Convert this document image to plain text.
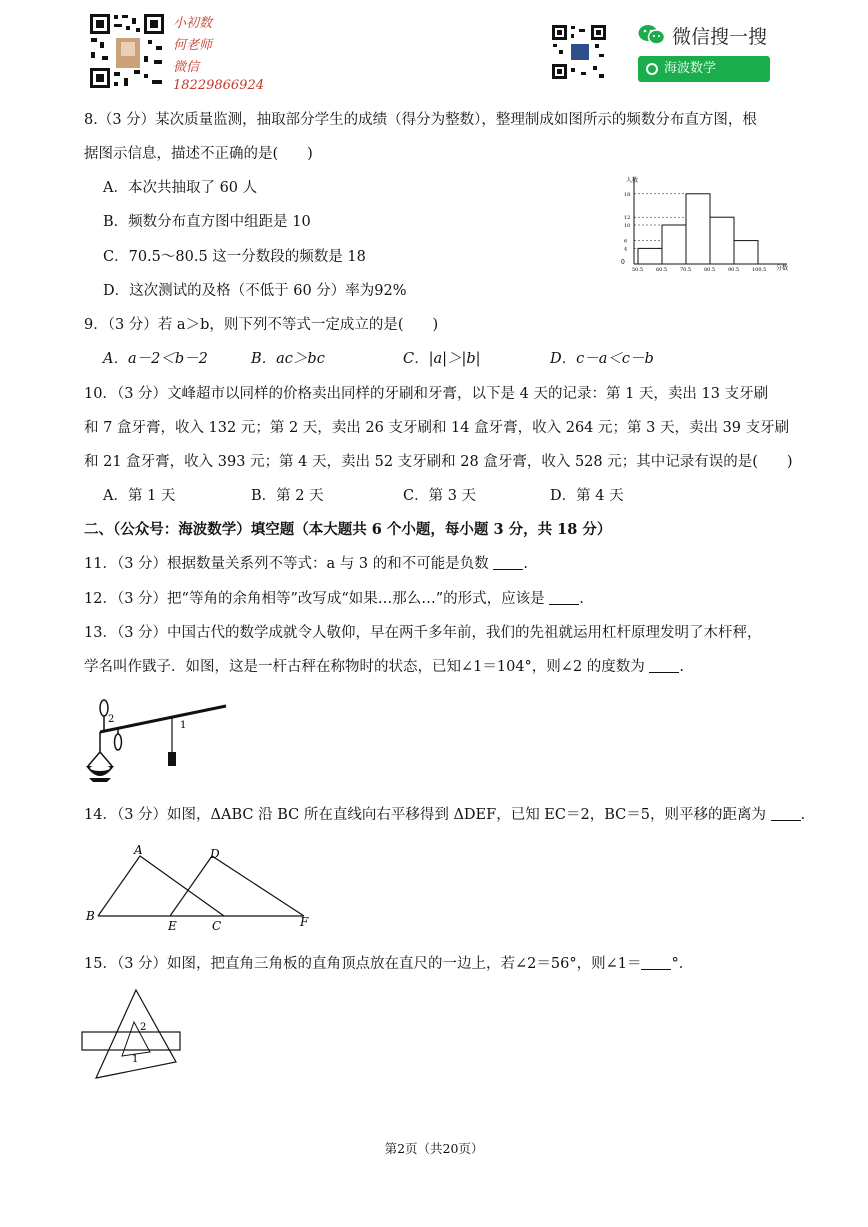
小初数
何老师
微信
18229866924
微信搜一搜
海波数学
8.（3 分）某次质量监测，抽取部分学生的成绩（得分为整数），整理制成如图所示的频数分布直方图，根
据图示信息，描述不正确的是(　　)
A．本次共抽取了 60 人
B．频数分布直方图中组距是 10
C．70.5～80.5 这一分数段的频数是 18
D．这次测试的及格（不低于 60 分）率为92%
人数
分数
0
50.5	60.5	70.5	80.5	90.5	100.5
4
6
10
12
18
9．（3 分）若 a＞b，则下列不等式一定成立的是(　　)
A．a－2＜b－2	B．ac＞bc	C．|a|＞|b|	D．c－a＜c－b
10．（3 分）文峰超市以同样的价格卖出同样的牙刷和牙膏，以下是 4 天的记录：第 1 天，卖出 13 支牙刷
和 7 盒牙膏，收入 132 元；第 2 天，卖出 26 支牙刷和 14 盒牙膏，收入 264 元；第 3 天，卖出 39 支牙刷
和 21 盒牙膏，收入 393 元；第 4 天，卖出 52 支牙刷和 28 盒牙膏，收入 528 元；其中记录有误的是(　　)
A．第 1 天	B．第 2 天	C．第 3 天	D．第 4 天
二、（公众号：海波数学）填空题（本大题共 6 个小题，每小题 3 分，共 18 分）
11．（3 分）根据数量关系列不等式：a 与 3 的和不可能是负数 .
12．（3 分）把“等角的余角相等”改写成“如果…那么…”的形式，应该是 .
13．（3 分）中国古代的数学成就令人敬仰，早在两千多年前，我们的先祖就运用杠杆原理发明了木杆秤，
学名叫作戥子．如图，这是一杆古秤在称物时的状态，已知∠1＝104°，则∠2 的度数为 .
2
1
14．（3 分）如图，ΔABC 沿 BC 所在直线向右平移得到 ΔDEF，已知 EC＝2，BC＝5，则平移的距离为 .
A	D
B
E	C	F
15．（3 分）如图，把直角三角板的直角顶点放在直尺的一边上，若∠2＝56°，则∠1＝ °．
2
1
第2页（共20页）
